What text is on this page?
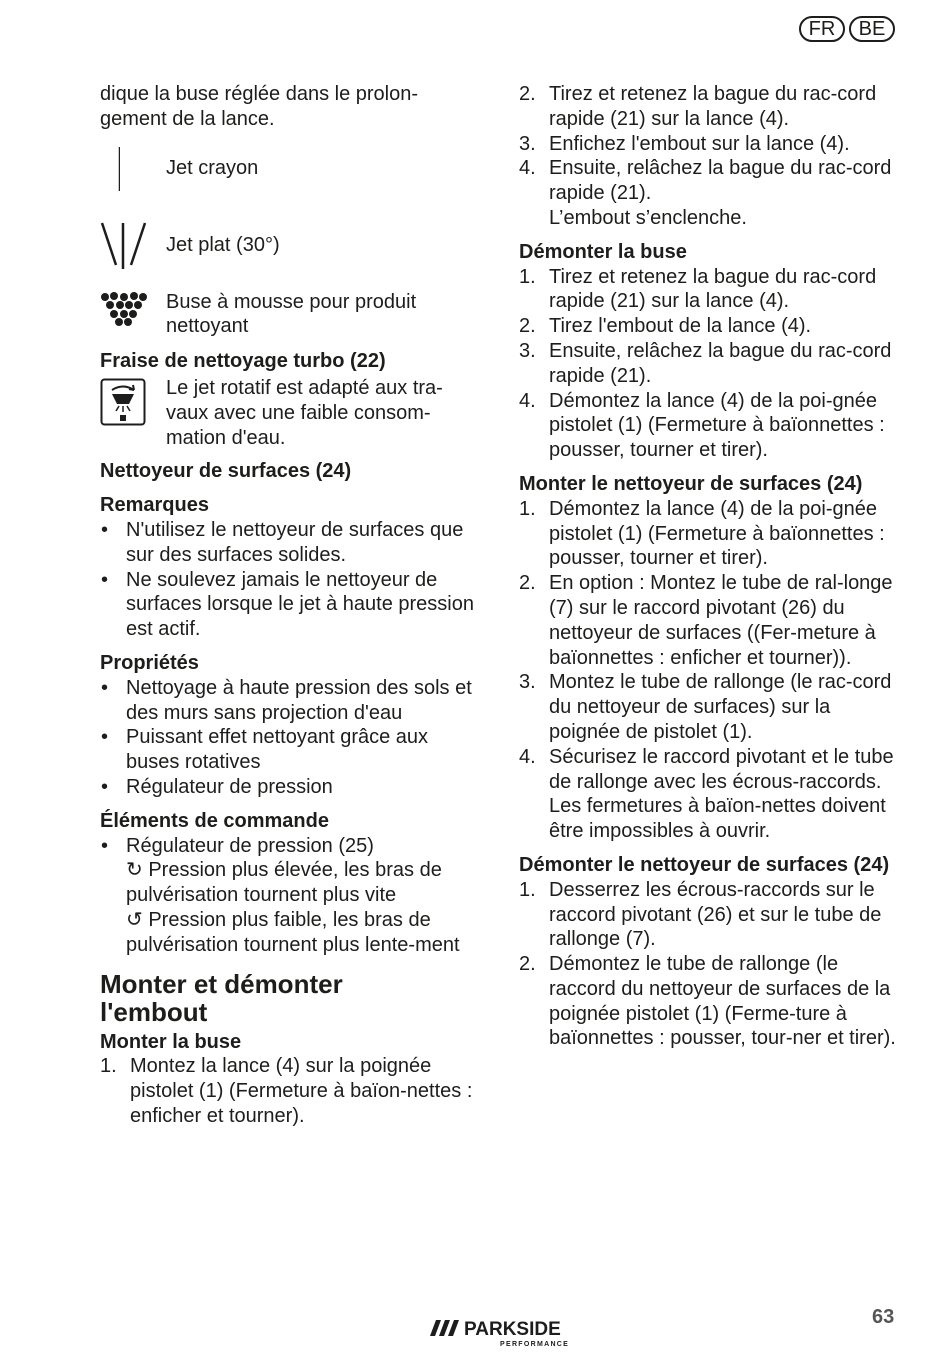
FR	BE

dique la buse réglée dans le prolon-gement de la lance.

Jet crayon
Jet plat (30°)
Buse à mousse pour produit nettoyant

Fraise de nettoyage turbo (22)

Le jet rotatif est adapté aux tra-vaux avec une faible consom-mation d'eau.

Nettoyeur de surfaces (24)

Remarques

• N'utilisez le nettoyeur de surfaces que sur des surfaces solides.
• Ne soulevez jamais le nettoyeur de surfaces lorsque le jet à haute pression est actif.

Propriétés

• Nettoyage à haute pression des sols et des murs sans projection d'eau
• Puissant effet nettoyant grâce aux buses rotatives
• Régulateur de pression

Éléments de commande

• Régulateur de pression (25)
↻ Pression plus élevée, les bras de pulvérisation tournent plus vite
↺ Pression plus faible, les bras de pulvérisation tournent plus lente-ment

Monter et démonter l'embout

Monter la buse

1. Montez la lance (4) sur la poignée pistolet (1) (Fermeture à baïon-nettes : enficher et tourner).
2. Tirez et retenez la bague du rac-cord rapide (21) sur la lance (4).
3. Enfichez l'embout sur la lance (4).
4. Ensuite, relâchez la bague du rac-cord rapide (21).
L’embout s’enclenche.

Démonter la buse

1. Tirez et retenez la bague du rac-cord rapide (21) sur la lance (4).
2. Tirez l'embout de la lance (4).
3. Ensuite, relâchez la bague du rac-cord rapide (21).
4. Démontez la lance (4) de la poi-gnée pistolet (1) (Fermeture à baïonnettes : pousser, tourner et tirer).

Monter le nettoyeur de surfaces (24)

1. Démontez la lance (4) de la poi-gnée pistolet (1) (Fermeture à baïonnettes : pousser, tourner et tirer).
2. En option : Montez le tube de ral-longe (7) sur le raccord pivotant (26) du nettoyeur de surfaces ((Fer-meture à baïonnettes : enficher et tourner)).
3. Montez le tube de rallonge (le rac-cord du nettoyeur de surfaces) sur la poignée de pistolet (1).
4. Sécurisez le raccord pivotant et le tube de rallonge avec les écrous-raccords. Les fermetures à baïon-nettes doivent être impossibles à ouvrir.

Démonter le nettoyeur de surfaces (24)

1. Desserrez les écrous-raccords sur le raccord pivotant (26) et sur le tube de rallonge (7).
2. Démontez le tube de rallonge (le raccord du nettoyeur de surfaces de la poignée pistolet (1) (Ferme-ture à baïonnettes : pousser, tour-ner et tirer).
PARKSIDE
PERFORMANCE
63
